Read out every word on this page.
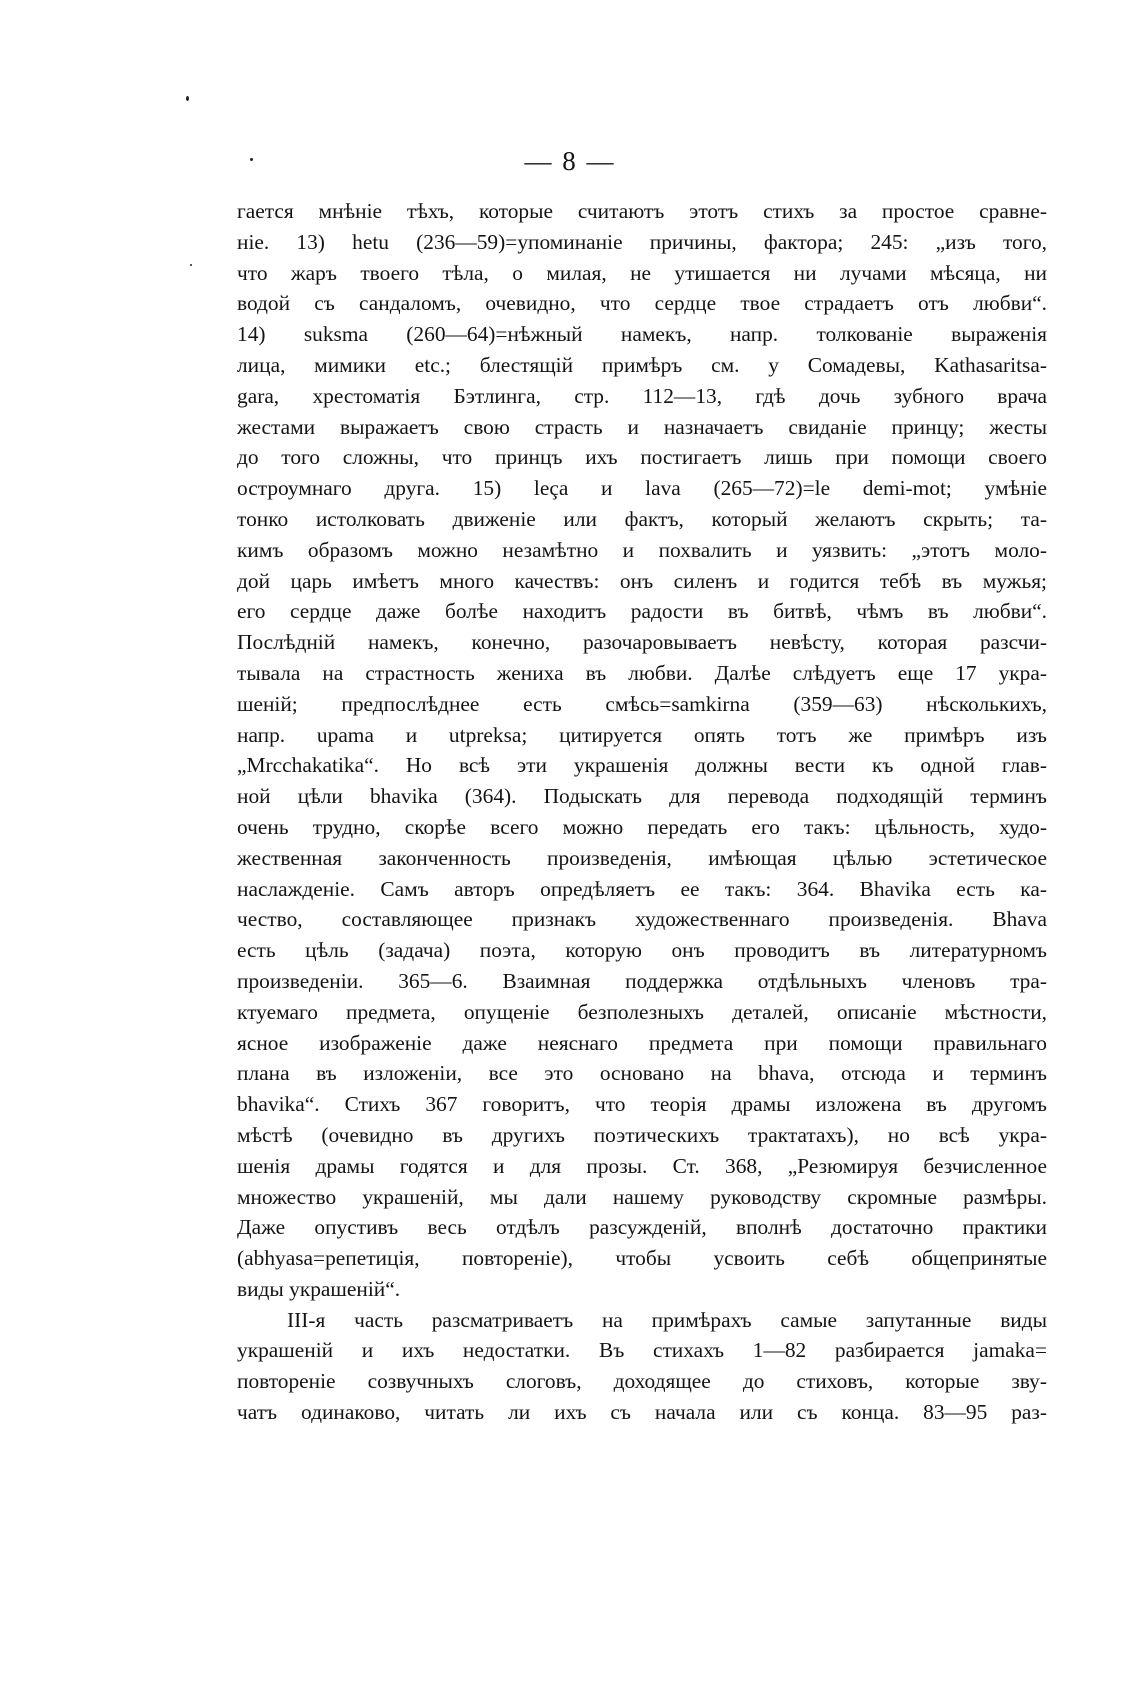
— 8 —
гается мнѣніе тѣхъ, которые считаютъ этотъ стихъ за простое сравне-
ніе. 13) hetu (236—59)=упоминаніе причины, фактора; 245: „изъ того,
что жаръ твоего тѣла, о милая, не утишается ни лучами мѣсяца, ни
водой съ сандаломъ, очевидно, что сердце твое страдаетъ отъ любви“.
14) suksma (260—64)=нѣжный намекъ, напр. толкованіе выраженія
лица, мимики etc.; блестящій примѣръ см. у Сомадевы, Kathasaritsa-
gara, хрестоматія Бэтлинга, стр. 112—13, гдѣ дочь зубного врача
жестами выражаетъ свою страсть и назначаетъ свиданіе принцу; жесты
до того сложны, что принцъ ихъ постигаетъ лишь при помощи своего
остроумнаго друга. 15) leça и lava (265—72)=le demi-mot; умѣніе
тонко истолковать движеніе или фактъ, который желаютъ скрыть; та-
кимъ образомъ можно незамѣтно и похвалить и уязвить: „этотъ моло-
дой царь имѣетъ много качествъ: онъ силенъ и годится тебѣ въ мужья;
его сердце даже болѣе находитъ радости въ битвѣ, чѣмъ въ любви“.
Послѣдній намекъ, конечно, разочаровываетъ невѣсту, которая разсчи-
тывала на страстность жениха въ любви. Далѣе слѣдуетъ еще 17 укра-
шеній; предпослѣднее есть смѣсь=samkirna (359—63) нѣсколькихъ,
напр. upama и utpreksa; цитируется опять тотъ же примѣръ изъ
„Mrcchakatika“. Но всѣ эти украшенія должны вести къ одной глав-
ной цѣли bhavika (364). Подыскать для перевода подходящій терминъ
очень трудно, скорѣе всего можно передать его такъ: цѣльность, худо-
жественная законченность произведенія, имѣющая цѣлью эстетическое
наслажденіе. Самъ авторъ опредѣляетъ ее такъ: 364. Bhavika есть ка-
чество, составляющее признакъ художественнаго произведенія. Bhava
есть цѣль (задача) поэта, которую онъ проводитъ въ литературномъ
произведеніи. 365—6. Взаимная поддержка отдѣльныхъ членовъ тра-
ктуемаго предмета, опущеніе безполезныхъ деталей, описаніе мѣстности,
ясное изображеніе даже неяснаго предмета при помощи правильнаго
плана въ изложеніи, все это основано на bhava, отсюда и терминъ
bhavika“. Стихъ 367 говоритъ, что теорія драмы изложена въ другомъ
мѣстѣ (очевидно въ другихъ поэтическихъ трактатахъ), но всѣ укра-
шенія драмы годятся и для прозы. Ст. 368, „Резюмируя безчисленное
множество украшеній, мы дали нашему руководству скромные размѣры.
Даже опустивъ весь отдѣлъ разсужденій, вполнѣ достаточно практики
(abhyasa=репетиція, повтореніе), чтобы усвоить себѣ общепринятые
виды украшеній“.
III-я часть разсматриваетъ на примѣрахъ самые запутанные виды
украшеній и ихъ недостатки. Въ стихахъ 1—82 разбирается jamaka=
повтореніе созвучныхъ слоговъ, доходящее до стиховъ, которые зву-
чатъ одинаково, читать ли ихъ съ начала или съ конца. 83—95 раз-
